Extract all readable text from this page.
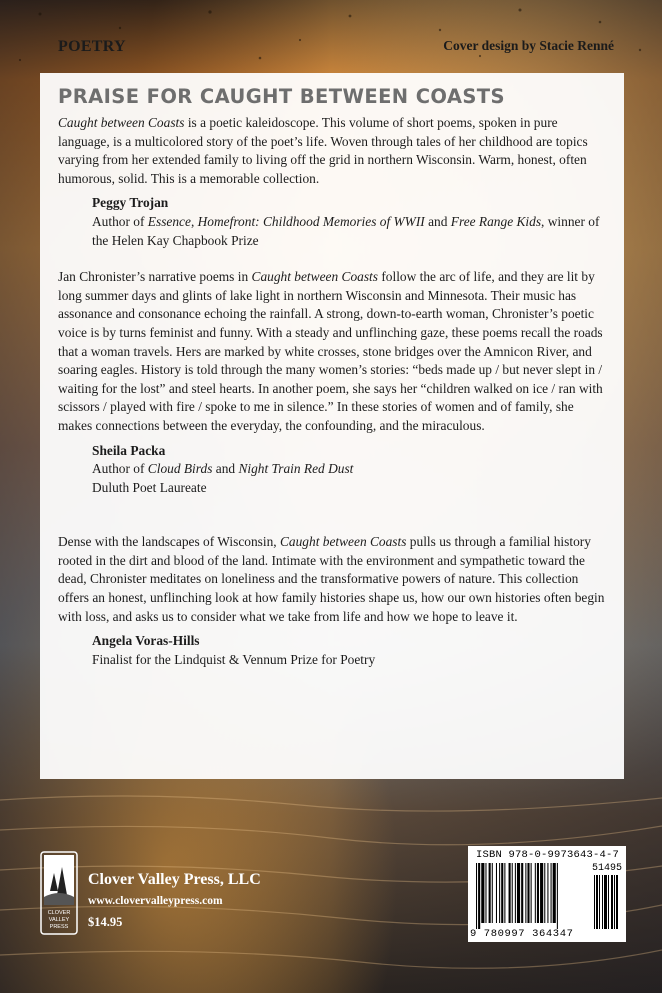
POETRY	Cover design by Stacie Renné
PRAISE FOR CAUGHT BETWEEN COASTS

Caught between Coasts is a poetic kaleidoscope. This volume of short poems, spoken in pure language, is a multicolored story of the poet’s life. Woven through tales of her childhood are topics varying from her extended family to living off the grid in northern Wisconsin. Warm, honest, often humorous, solid. This is a memorable collection.

Peggy Trojan
Author of Essence, Homefront: Childhood Memories of WWII and Free Range Kids, winner of the Helen Kay Chapbook Prize

Jan Chronister’s narrative poems in Caught between Coasts follow the arc of life, and they are lit by long summer days and glints of lake light in northern Wisconsin and Minnesota. Their music has assonance and consonance echoing the rainfall. A strong, down-to-earth woman, Chronister’s poetic voice is by turns feminist and funny. With a steady and unflinching gaze, these poems recall the roads that a woman travels. Hers are marked by white crosses, stone bridges over the Amnicon River, and soaring eagles. History is told through the many women’s stories: “beds made up / but never slept in / waiting for the lost” and steel hearts. In another poem, she says her “children walked on ice / ran with scissors / played with fire / spoke to me in silence.” In these stories of women and of family, she makes connections between the everyday, the confounding, and the miraculous.

Sheila Packa
Author of Cloud Birds and Night Train Red Dust
Duluth Poet Laureate

Dense with the landscapes of Wisconsin, Caught between Coasts pulls us through a familial history rooted in the dirt and blood of the land. Intimate with the environment and sympathetic toward the dead, Chronister meditates on loneliness and the transformative powers of nature. This collection offers an honest, unflinching look at how family histories shape us, how our own histories often begin with loss, and asks us to consider what we take from life and how we hope to leave it.

Angela Voras-Hills
Finalist for the Lindquist & Vennum Prize for Poetry
CLOVER
VALLEY
PRESS
Clover Valley Press, LLC
www.clovervalleypress.com
$14.95
ISBN 978-0-9973643-4-7
51495
9 780997 364347
